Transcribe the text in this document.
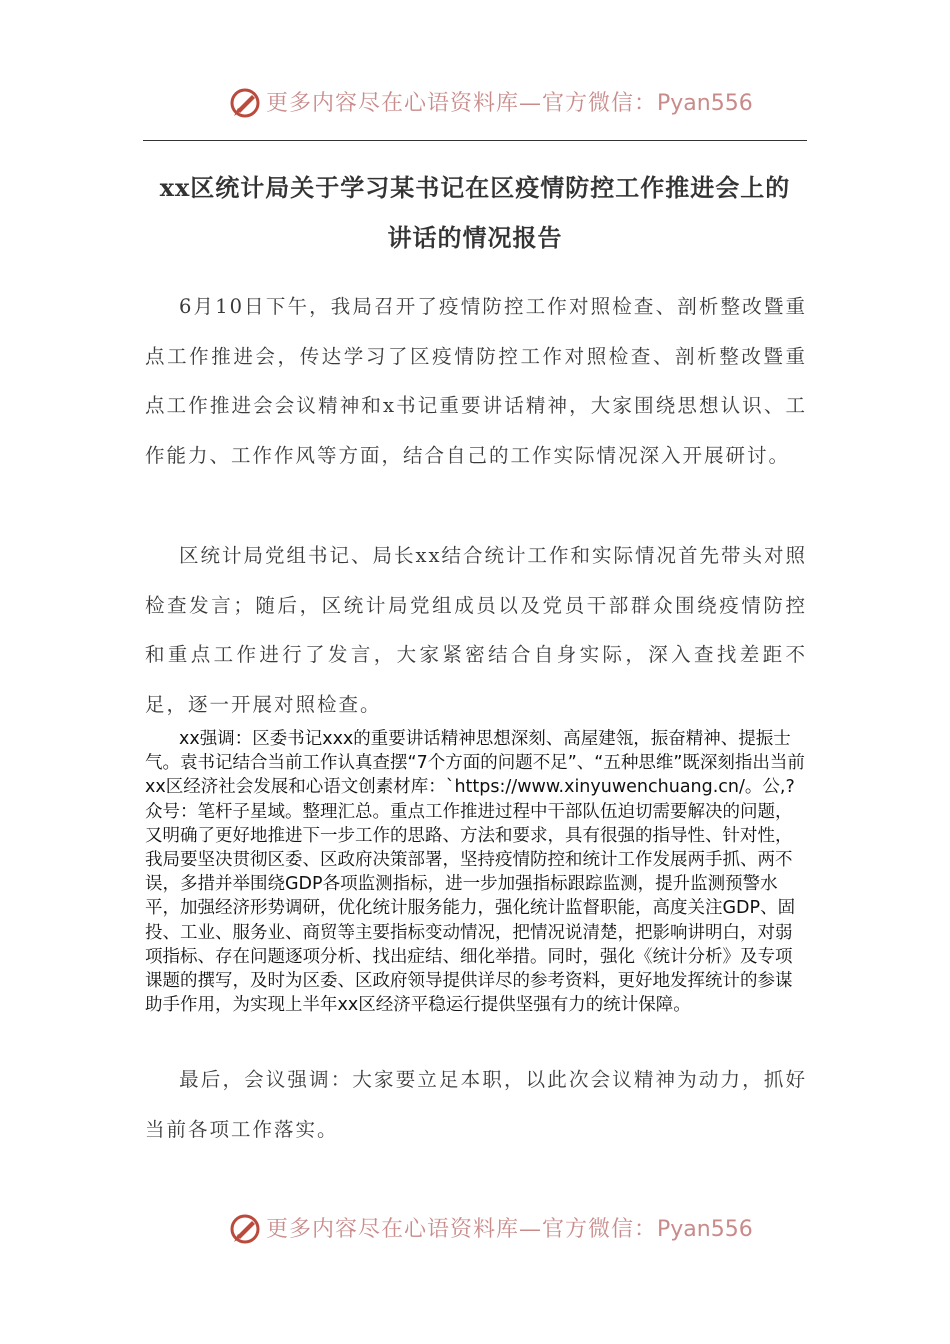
更多内容尽在心语资料库—官方微信：Pyan556
xx区统计局关于学习某书记在区疫情防控工作推进会上的
讲话的情况报告

6月10日下午，我局召开了疫情防控工作对照检查、剖析整改暨重点工作推进会，传达学习了区疫情防控工作对照检查、剖析整改暨重点工作推进会会议精神和x书记重要讲话精神，大家围绕思想认识、工作能力、工作作风等方面，结合自己的工作实际情况深入开展研讨。

区统计局党组书记、局长xx结合统计工作和实际情况首先带头对照检查发言；随后，区统计局党组成员以及党员干部群众围绕疫情防控和重点工作进行了发言，大家紧密结合自身实际，深入查找差距不足，逐一开展对照检查。

xx强调：区委书记xxx的重要讲话精神思想深刻、高屋建瓴，振奋精神、提振士气。袁书记结合当前工作认真查摆“7个方面的问题不足”、“五种思维”既深刻指出当前xx区经济社会发展和心语文创素材库：`https://www.xinyuwenchuang.cn/。公,?众号：笔杆子星域。整理汇总。重点工作推进过程中干部队伍迫切需要解决的问题，又明确了更好地推进下一步工作的思路、方法和要求，具有很强的指导性、针对性，我局要坚决贯彻区委、区政府决策部署，坚持疫情防控和统计工作发展两手抓、两不误，多措并举围绕GDP各项监测指标，进一步加强指标跟踪监测，提升监测预警水平，加强经济形势调研，优化统计服务能力，强化统计监督职能，高度关注GDP、固投、工业、服务业、商贸等主要指标变动情况，把情况说清楚，把影响讲明白，对弱项指标、存在问题逐项分析、找出症结、细化举措。同时，强化《统计分析》及专项课题的撰写，及时为区委、区政府领导提供详尽的参考资料，更好地发挥统计的参谋助手作用，为实现上半年xx区经济平稳运行提供坚强有力的统计保障。

最后，会议强调：大家要立足本职，以此次会议精神为动力，抓好当前各项工作落实。

更多内容尽在心语资料库—官方微信：Pyan556
